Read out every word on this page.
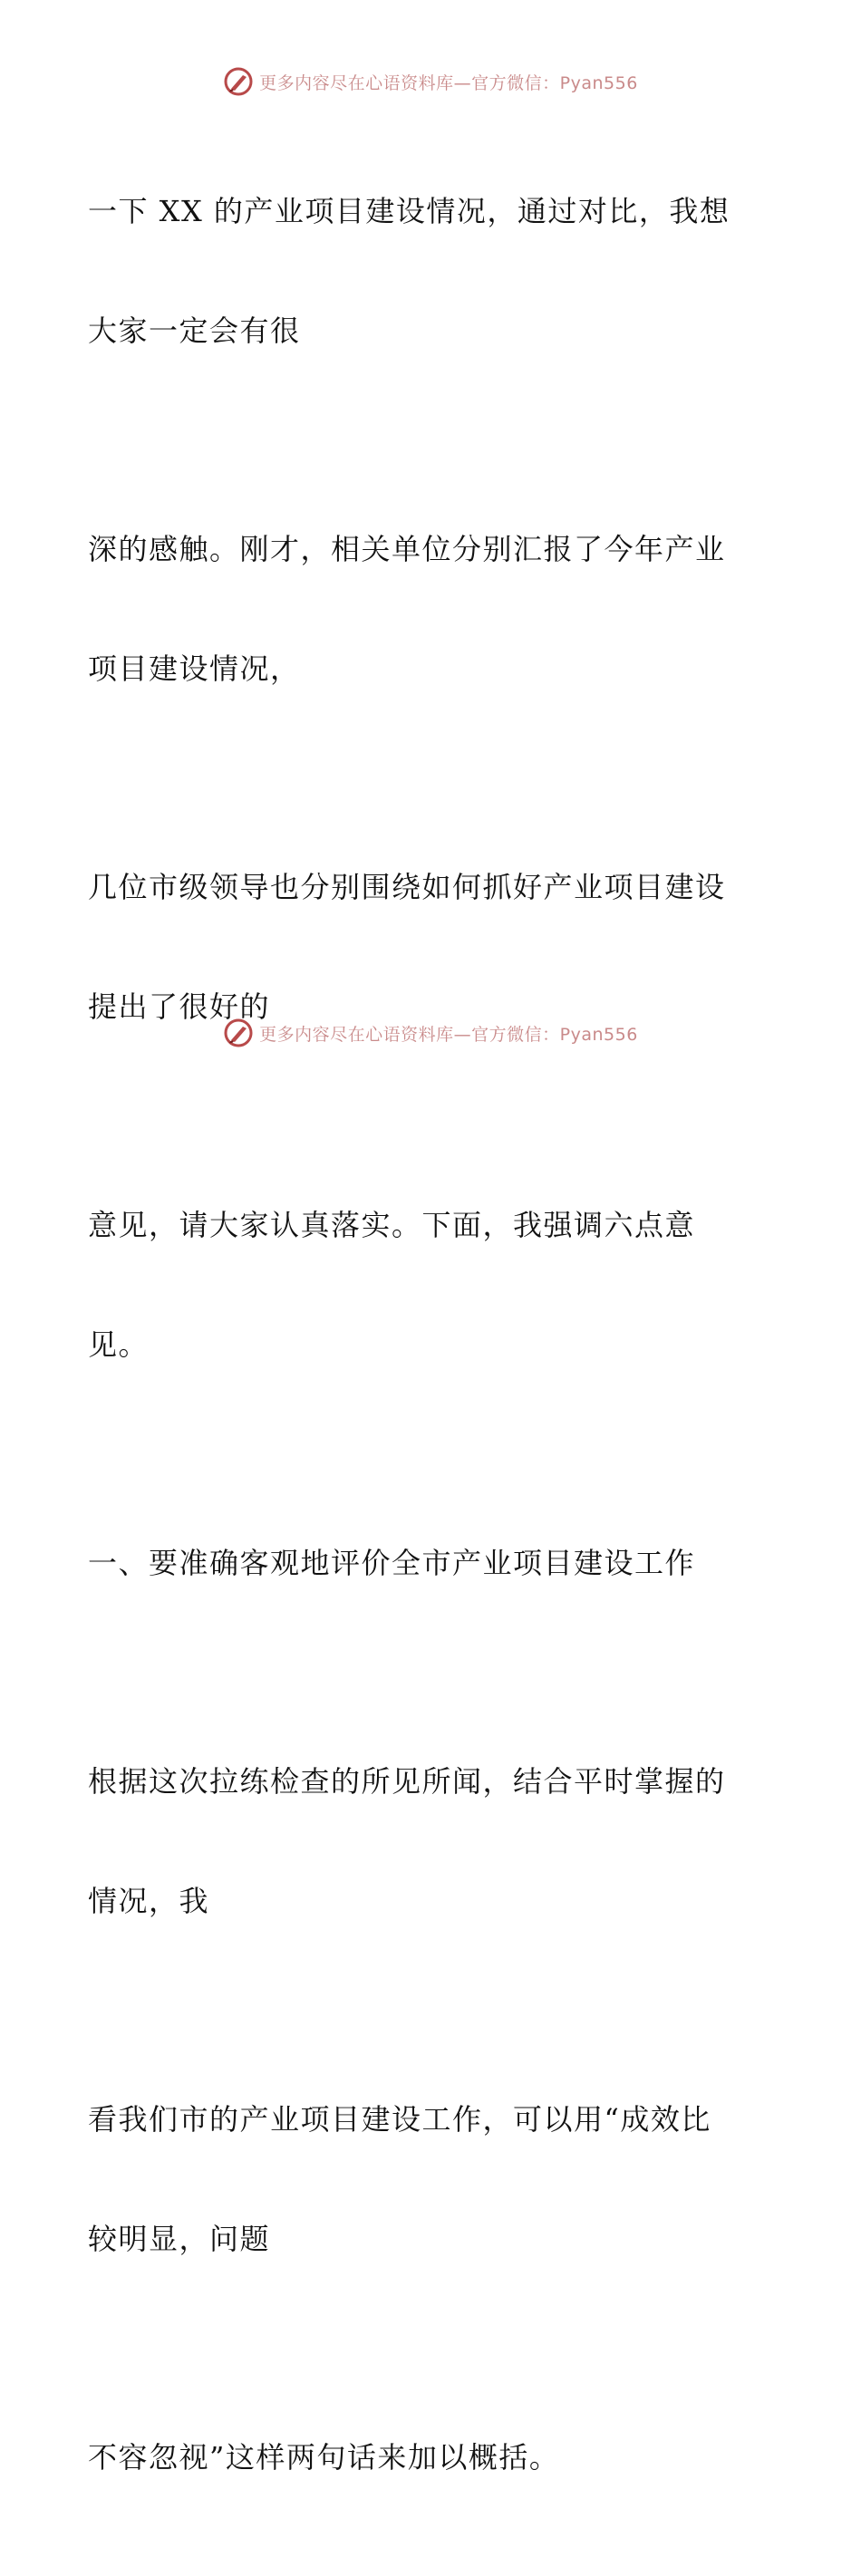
更多内容尽在心语资料库—官方微信：Pyan556

一下 XX 的产业项目建设情况，通过对比，我想

大家一定会有很

深的感触。刚才，相关单位分别汇报了今年产业

项目建设情况，

几位市级领导也分别围绕如何抓好产业项目建设

提出了很好的

意见，请大家认真落实。下面，我强调六点意

见。

一、要准确客观地评价全市产业项目建设工作

根据这次拉练检查的所见所闻，结合平时掌握的

情况，我

看我们市的产业项目建设工作，可以用“成效比

较明显，问题

不容忽视”这样两句话来加以概括。

更多内容尽在心语资料库—官方微信：Pyan556
